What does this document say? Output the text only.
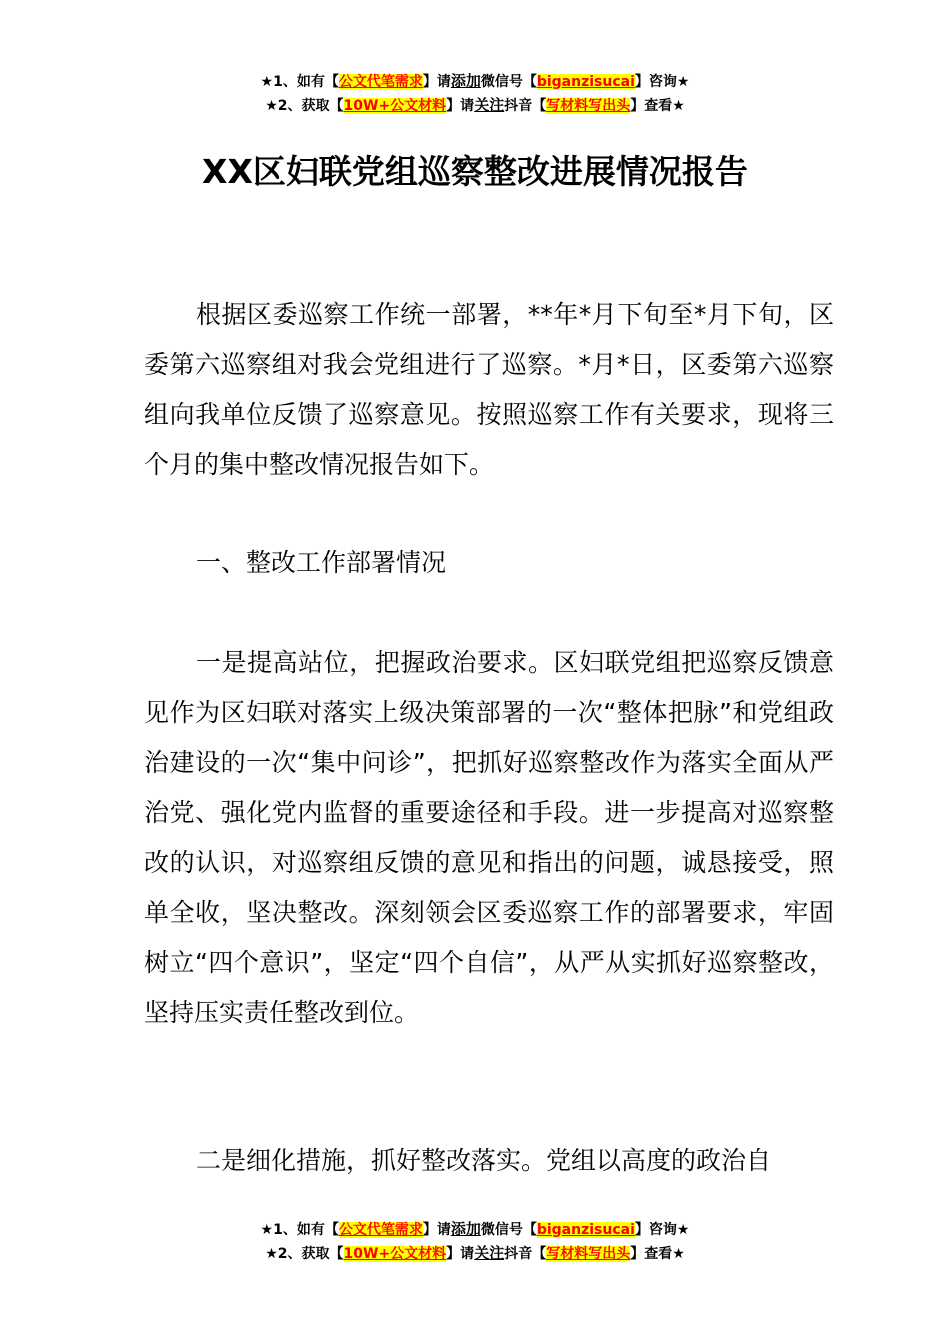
★1、如有【公文代笔需求】请添加微信号【biganzisucai】咨询★
★2、获取【10W+公文材料】请关注抖音【写材料写出头】查看★
XX区妇联党组巡察整改进展情况报告

根据区委巡察工作统一部署，**年*月下旬至*月下旬，区委第六巡察组对我会党组进行了巡察。*月*日，区委第六巡察组向我单位反馈了巡察意见。按照巡察工作有关要求，现将三个月的集中整改情况报告如下。

一、整改工作部署情况

一是提高站位，把握政治要求。区妇联党组把巡察反馈意见作为区妇联对落实上级决策部署的一次“整体把脉”和党组政治建设的一次“集中问诊”，把抓好巡察整改作为落实全面从严治党、强化党内监督的重要途径和手段。进一步提高对巡察整改的认识，对巡察组反馈的意见和指出的问题，诚恳接受，照单全收，坚决整改。深刻领会区委巡察工作的部署要求，牢固树立“四个意识”，坚定“四个自信”，从严从实抓好巡察整改，坚持压实责任整改到位。

二是细化措施，抓好整改落实。党组以高度的政治自

★1、如有【公文代笔需求】请添加微信号【biganzisucai】咨询★
★2、获取【10W+公文材料】请关注抖音【写材料写出头】查看★
